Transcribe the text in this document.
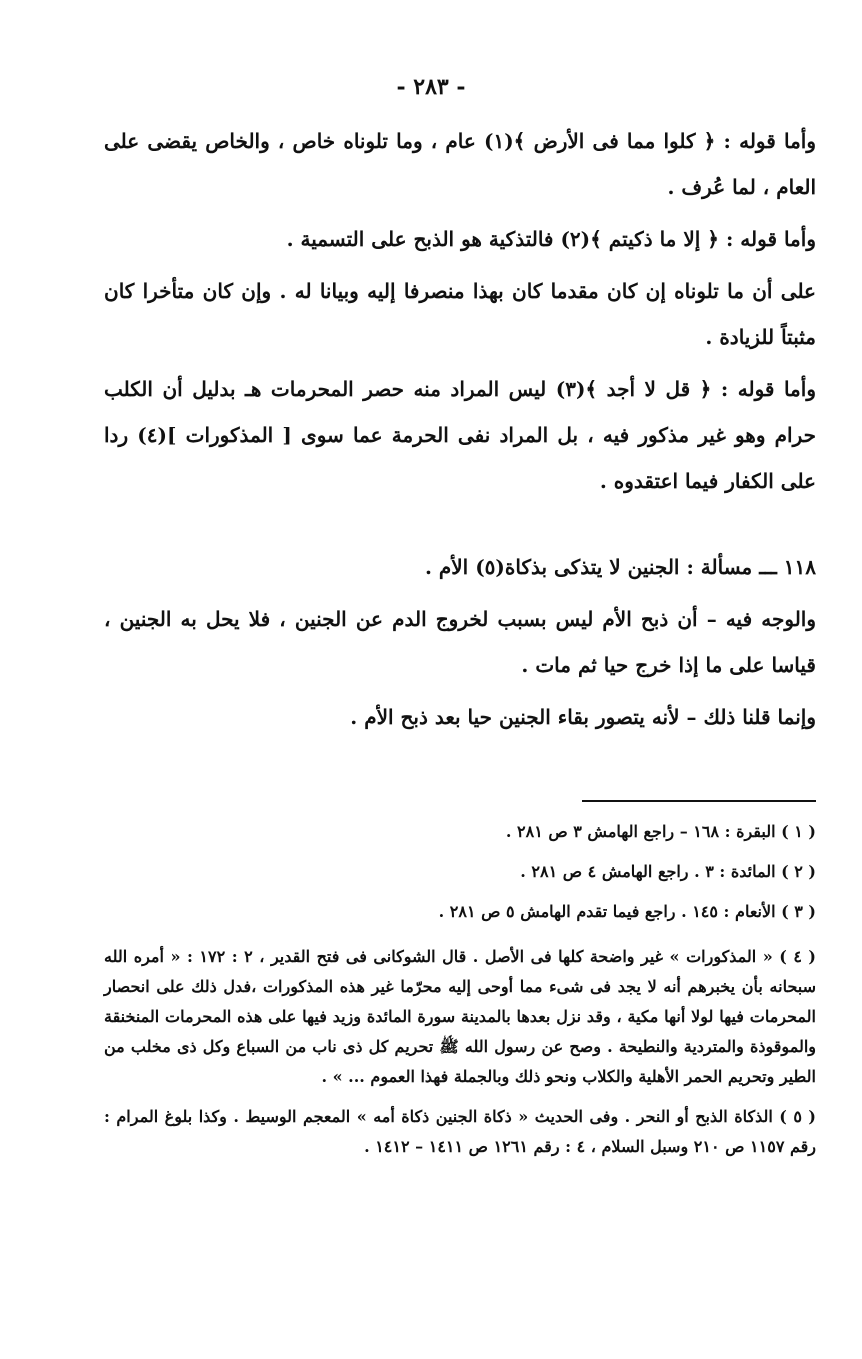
- ٢٨٣ -

وأما قوله : ﴿ كلوا مما فى الأرض ﴾(١) عام ، وما تلوناه خاص ، والخاص يقضى على العام ، لما عُرف .

وأما قوله : ﴿ إلا ما ذكيتم ﴾(٢) فالتذكية هو الذبح على التسمية .

على أن ما تلوناه إن كان مقدما كان بهذا منصرفا إليه وبيانا له . وإن كان متأخرا كان مثبتاً للزيادة .

وأما قوله : ﴿ قل لا أجد ﴾(٣) ليس المراد منه حصر المحرمات هـ بدليل أن الكلب حرام وهو غير مذكور فيه ، بل المراد نفى الحرمة عما سوى [ المذكورات ](٤) ردا على الكفار فيما اعتقدوه .

١١٨ ـــ مسألة : الجنين لا يتذكى بذكاة(٥) الأم .

والوجه فيه – أن ذبح الأم ليس بسبب لخروج الدم عن الجنين ، فلا يحل به الجنين ، قياسا على ما إذا خرج حيا ثم مات .

وإنما قلنا ذلك – لأنه يتصور بقاء الجنين حيا بعد ذبح الأم .

( ١ ) البقرة : ١٦٨ – راجع الهامش ٣ ص ٢٨١ .

( ٢ ) المائدة : ٣ . راجع الهامش ٤ ص ٢٨١ .

( ٣ ) الأنعام : ١٤٥ . راجع فيما تقدم الهامش ٥ ص ٢٨١ .

( ٤ ) « المذكورات » غير واضحة كلها فى الأصل . قال الشوكانى فى فتح القدير ، ٢ : ١٧٢ : « أمره الله سبحانه بأن يخبرهم أنه لا يجد فى شىء مما أوحى إليه محرّما غير هذه المذكورات ،فدل ذلك على انحصار المحرمات فيها لولا أنها مكية ، وقد نزل بعدها بالمدينة سورة المائدة وزيد فيها على هذه المحرمات المنخنقة والموقوذة والمتردية والنطيحة . وصح عن رسول الله ﷺ تحريم كل ذى ناب من السباع وكل ذى مخلب من الطير وتحريم الحمر الأهلية والكلاب ونحو ذلك وبالجملة فهذا العموم ... » .

( ٥ ) الذكاة الذبح أو النحر . وفى الحديث « ذكاة الجنين ذكاة أمه » المعجم الوسيط . وكذا بلوغ المرام : رقم ١١٥٧ ص ٢١٠ وسبل السلام ، ٤ : رقم ١٢٦١ ص ١٤١١ – ١٤١٢ .
